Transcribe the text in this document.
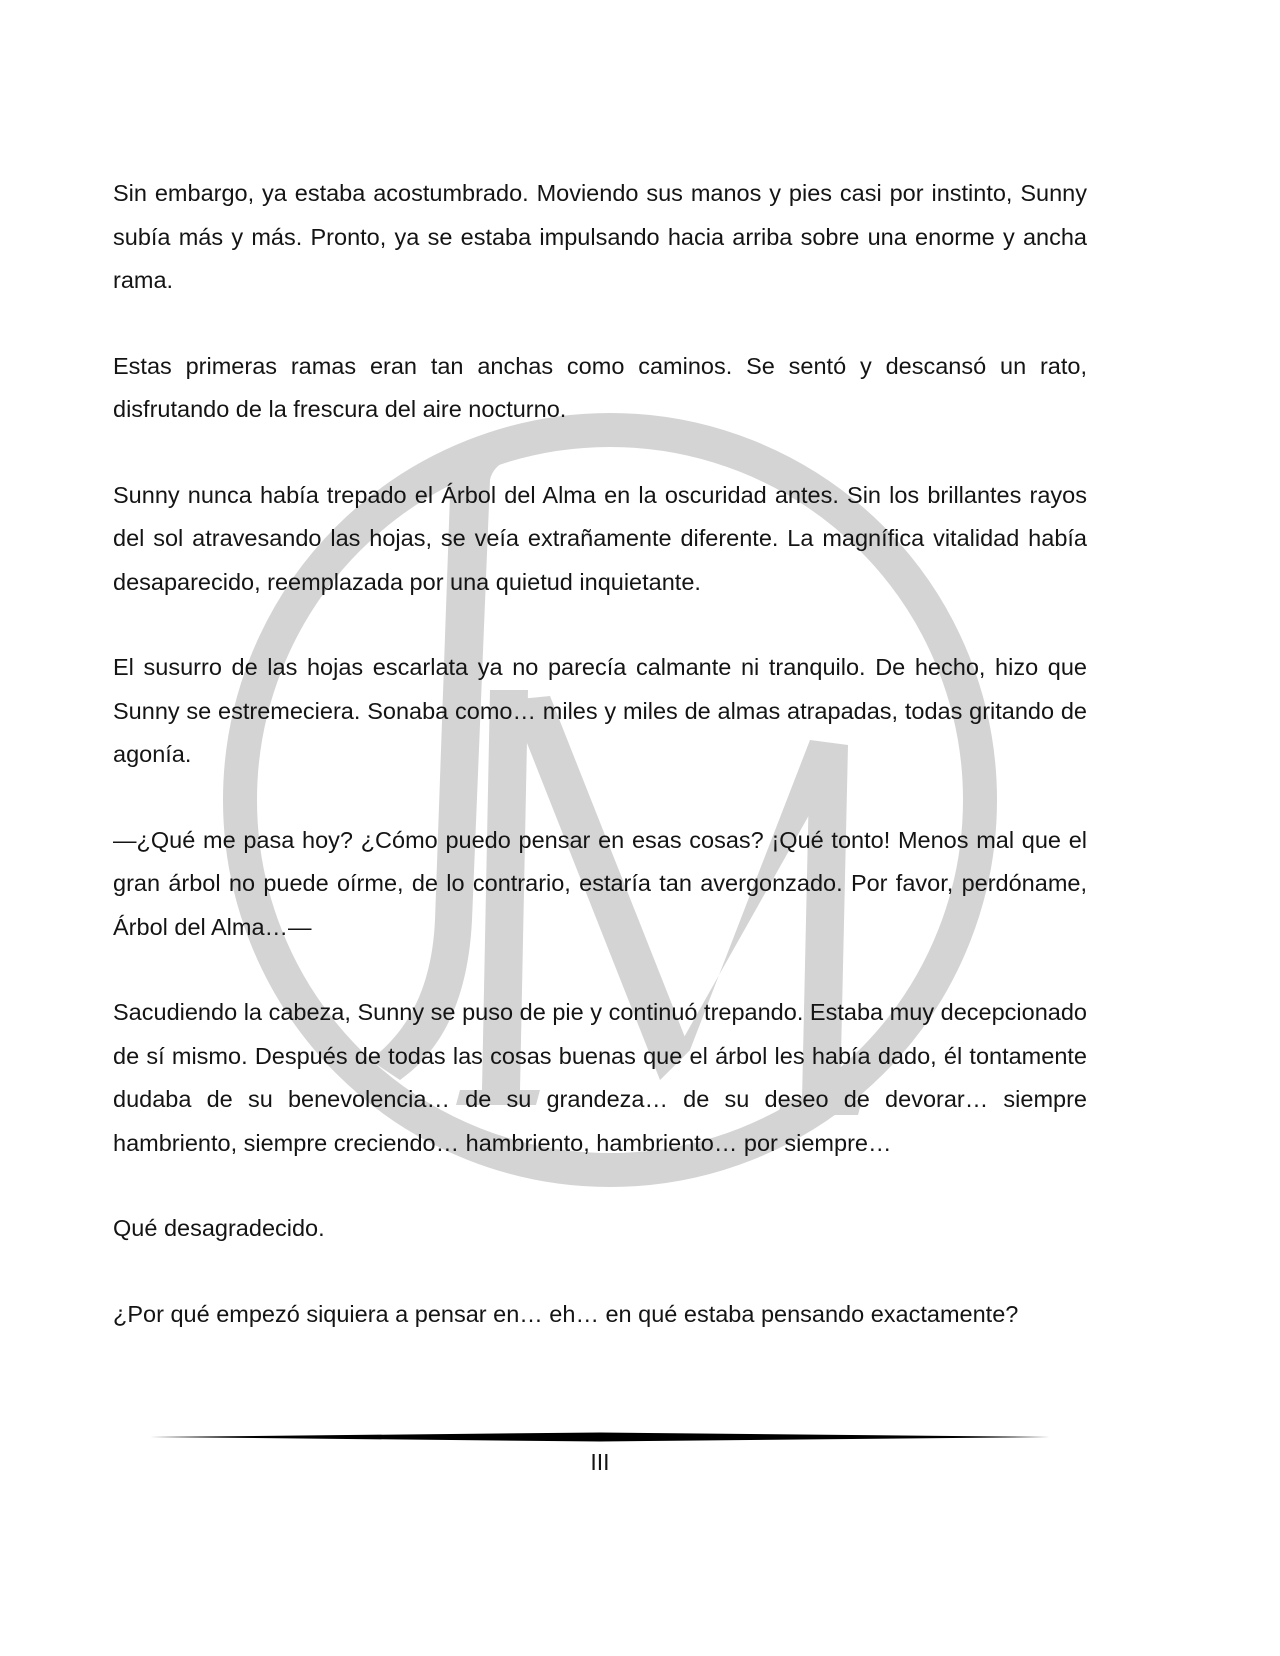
Sin embargo, ya estaba acostumbrado. Moviendo sus manos y pies casi por instinto, Sunny subía más y más. Pronto, ya se estaba impulsando hacia arriba sobre una enorme y ancha rama.

Estas primeras ramas eran tan anchas como caminos. Se sentó y descansó un rato, disfrutando de la frescura del aire nocturno.

Sunny nunca había trepado el Árbol del Alma en la oscuridad antes. Sin los brillantes rayos del sol atravesando las hojas, se veía extrañamente diferente. La magnífica vitalidad había desaparecido, reemplazada por una quietud inquietante.

El susurro de las hojas escarlata ya no parecía calmante ni tranquilo. De hecho, hizo que Sunny se estremeciera. Sonaba como… miles y miles de almas atrapadas, todas gritando de agonía.

—¿Qué me pasa hoy? ¿Cómo puedo pensar en esas cosas? ¡Qué tonto! Menos mal que el gran árbol no puede oírme, de lo contrario, estaría tan avergonzado. Por favor, perdóname, Árbol del Alma…—

Sacudiendo la cabeza, Sunny se puso de pie y continuó trepando. Estaba muy decepcionado de sí mismo. Después de todas las cosas buenas que el árbol les había dado, él tontamente dudaba de su benevolencia… de su grandeza… de su deseo de devorar… siempre hambriento, siempre creciendo… hambriento, hambriento… por siempre…

Qué desagradecido.

¿Por qué empezó siquiera a pensar en… eh… en qué estaba pensando exactamente?

III
